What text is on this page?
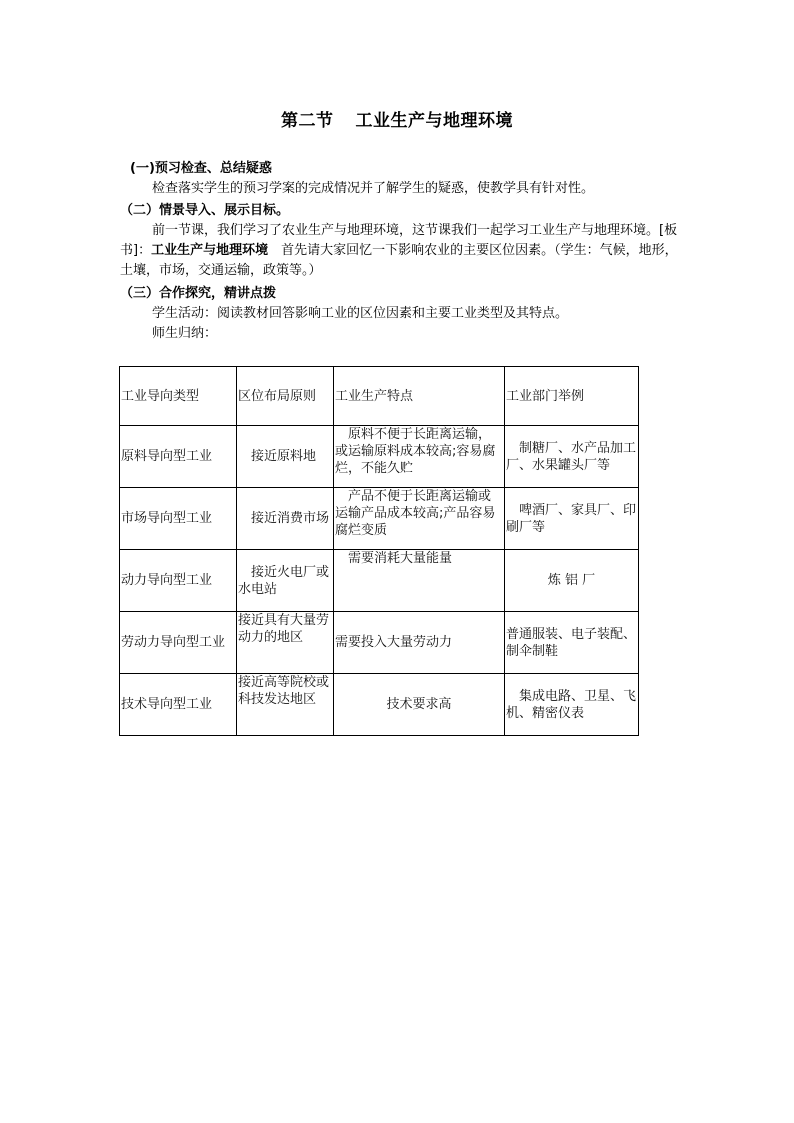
第二节 工业生产与地理环境
(一)预习检查、总结疑惑
检查落实学生的预习学案的完成情况并了解学生的疑惑，使教学具有针对性。
（二）情景导入、展示目标。
前一节课，我们学习了农业生产与地理环境，这节课我们一起学习工业生产与地理环境。[板书]：工业生产与地理环境　首先请大家回忆一下影响农业的主要区位因素。（学生：气候，地形，土壤，市场，交通运输，政策等。）
（三）合作探究，精讲点拨
学生活动：阅读教材回答影响工业的区位因素和主要工业类型及其特点。
师生归纳：
工业导向类型	区位布局原则	工业生产特点	工业部门举例
原料导向型工业	接近原料地	原料不便于长距离运输，或运输原料成本较高;容易腐烂，不能久贮	制糖厂、水产品加工厂、水果罐头厂等
市场导向型工业	接近消费市场	产品不便于长距离运输或运输产品成本较高;产品容易腐烂变质	啤酒厂、家具厂、印刷厂等
动力导向型工业	接近火电厂或水电站	需要消耗大量能量	炼 铝 厂
劳动力导向型工业	接近具有大量劳动力的地区	需要投入大量劳动力	普通服装、电子装配、制伞制鞋
技术导向型工业	接近高等院校或科技发达地区	技术要求高	集成电路、卫星、飞机、精密仪表
